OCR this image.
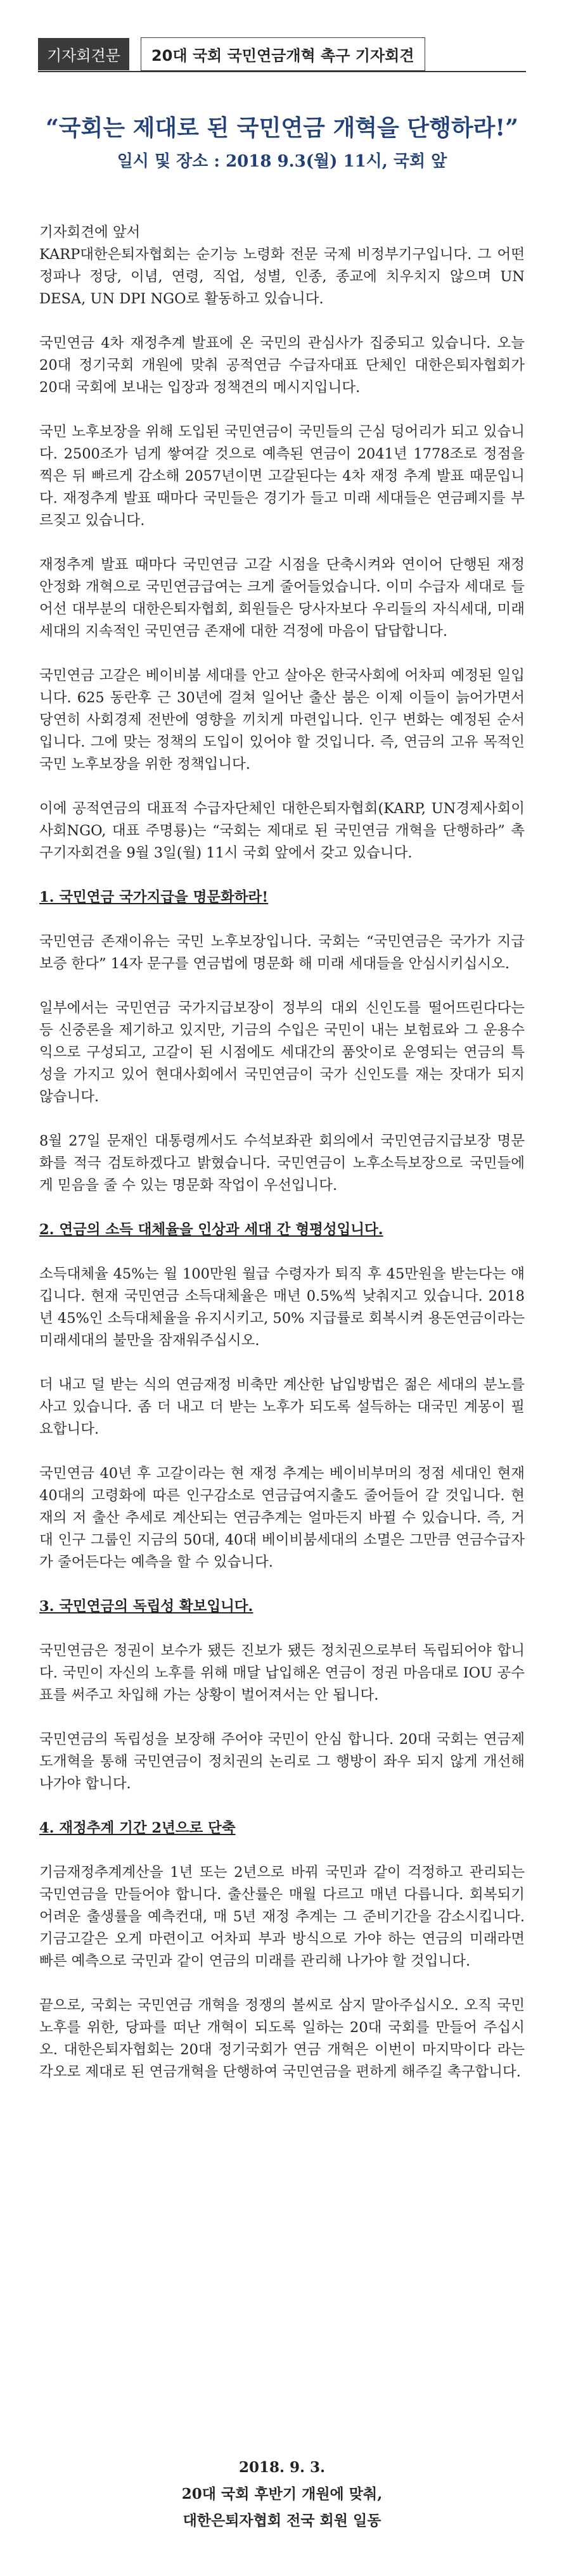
기자회견문	20대 국회 국민연금개혁 촉구 기자회견
“국회는 제대로 된 국민연금 개혁을 단행하라!”
일시 및 장소 : 2018 9.3(월) 11시, 국회 앞

기자회견에 앞서
KARP대한은퇴자협회는 순기능 노령화 전문 국제 비정부기구입니다. 그 어떤 정파나 정당, 이념, 연령, 직업, 성별, 인종, 종교에 치우치지 않으며 UN DESA, UN DPI NGO로 활동하고 있습니다.

국민연금 4차 재정추계 발표에 온 국민의 관심사가 집중되고 있습니다. 오늘 20대 정기국회 개원에 맞춰 공적연금 수급자대표 단체인 대한은퇴자협회가 20대 국회에 보내는 입장과 정책견의 메시지입니다.

국민 노후보장을 위해 도입된 국민연금이 국민들의 근심 덩어리가 되고 있습니다. 2500조가 넘게 쌓여갈 것으로 예측된 연금이 2041년 1778조로 정점을 찍은 뒤 빠르게 감소해 2057년이면 고갈된다는 4차 재정 추계 발표 때문입니다. 재정추계 발표 때마다 국민들은 경기가 들고 미래 세대들은 연금폐지를 부르짖고 있습니다.

재정추계 발표 때마다 국민연금 고갈 시점을 단축시켜와 연이어 단행된 재정 안정화 개혁으로 국민연금급여는 크게 줄어들었습니다. 이미 수급자 세대로 들어선 대부분의 대한은퇴자협회, 회원들은 당사자보다 우리들의 자식세대, 미래 세대의 지속적인 국민연금 존재에 대한 걱정에 마음이 답답합니다.

국민연금 고갈은 베이비붐 세대를 안고 살아온 한국사회에 어차피 예정된 일입니다. 625 동란후 근 30년에 걸쳐 일어난 출산 붐은 이제 이들이 늙어가면서 당연히 사회경제 전반에 영향을 끼치게 마련입니다. 인구 변화는 예정된 순서입니다. 그에 맞는 정책의 도입이 있어야 할 것입니다. 즉, 연금의 고유 목적인 국민 노후보장을 위한 정책입니다.

이에 공적연금의 대표적 수급자단체인 대한은퇴자협회(KARP, UN경제사회이사회NGO, 대표 주명룡)는 “국회는 제대로 된 국민연금 개혁을 단행하라” 촉구기자회견을 9월 3일(월) 11시 국회 앞에서 갖고 있습니다.

1. 국민연금 국가지급을 명문화하라!

국민연금 존재이유는 국민 노후보장입니다. 국회는 “국민연금은 국가가 지급 보증 한다” 14자 문구를 연금법에 명문화 해 미래 세대들을 안심시키십시오.

일부에서는 국민연금 국가지급보장이 정부의 대외 신인도를 떨어뜨린다다는 등 신중론을 제기하고 있지만, 기금의 수입은 국민이 내는 보험료와 그 운용수익으로 구성되고, 고갈이 된 시점에도 세대간의 품앗이로 운영되는 연금의 특성을 가지고 있어 현대사회에서 국민연금이 국가 신인도를 재는 잣대가 되지 않습니다.

8월 27일 문재인 대통령께서도 수석보좌관 회의에서 국민연금지급보장 명문화를 적극 검토하겠다고 밝혔습니다. 국민연금이 노후소득보장으로 국민들에게 믿음을 줄 수 있는 명문화 작업이 우선입니다.

2. 연금의 소득 대체율을 인상과 세대 간 형평성입니다.

소득대체율 45%는 월 100만원 월급 수령자가 퇴직 후 45만원을 받는다는 얘깁니다. 현재 국민연금 소득대체율은 매년 0.5%씩 낮춰지고 있습니다. 2018년 45%인 소득대체율을 유지시키고, 50% 지급률로 회복시켜 용돈연금이라는 미래세대의 불만을 잠재워주십시오.

더 내고 덜 받는 식의 연금재정 비축만 계산한 납입방법은 젊은 세대의 분노를 사고 있습니다. 좀 더 내고 더 받는 노후가 되도록 설득하는 대국민 계몽이 필요합니다.

국민연금 40년 후 고갈이라는 현 재정 추계는 베이비부머의 정점 세대인 현재 40대의 고령화에 따른 인구감소로 연금급여지출도 줄어들어 갈 것입니다. 현재의 저 출산 추세로 계산되는 연금추계는 얼마든지 바뀔 수 있습니다. 즉, 거대 인구 그룹인 지금의 50대, 40대 베이비붐세대의 소멸은 그만큼 연금수급자가 줄어든다는 예측을 할 수 있습니다.

3. 국민연금의 독립성 확보입니다.

국민연금은 정권이 보수가 됐든 진보가 됐든 정치권으로부터 독립되어야 합니다. 국민이 자신의 노후를 위해 매달 납입해온 연금이 정권 마음대로 IOU 공수표를 써주고 차입해 가는 상황이 벌어져서는 안 됩니다.

국민연금의 독립성을 보장해 주어야 국민이 안심 합니다. 20대 국회는 연금제도개혁을 통해 국민연금이 정치권의 논리로 그 행방이 좌우 되지 않게 개선해나가야 합니다.

4. 재정추계 기간 2년으로 단축

기금재정추계계산을 1년 또는 2년으로 바꿔 국민과 같이 걱정하고 관리되는 국민연금을 만들어야 합니다. 출산률은 매월 다르고 매년 다릅니다. 회복되기 어려운 출생률을 예측컨대, 매 5년 재정 추계는 그 준비기간을 감소시킵니다. 기금고갈은 오게 마련이고 어차피 부과 방식으로 가야 하는 연금의 미래라면 빠른 예측으로 국민과 같이 연금의 미래를 관리해 나가야 할 것입니다.

끝으로, 국회는 국민연금 개혁을 정쟁의 볼씨로 삼지 말아주십시오. 오직 국민 노후를 위한, 당파를 떠난 개혁이 되도록 일하는 20대 국회를 만들어 주십시오. 대한은퇴자협회는 20대 정기국회가 연금 개혁은 이번이 마지막이다 라는 각오로 제대로 된 연금개혁을 단행하여 국민연금을 편하게 해주길 촉구합니다.

2018. 9. 3.
20대 국회 후반기 개원에 맞춰,
대한은퇴자협회 전국 회원 일동
